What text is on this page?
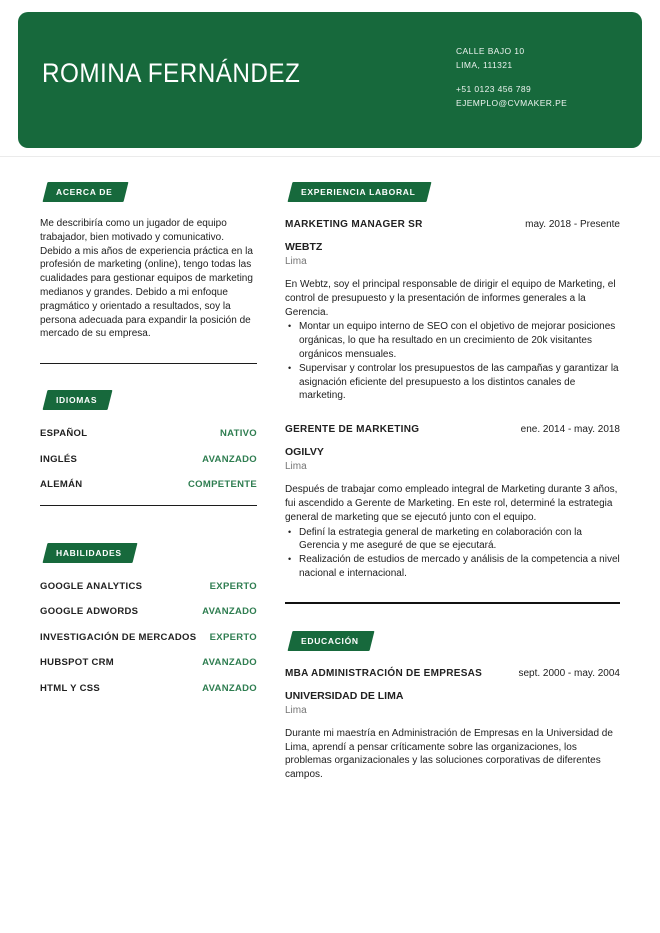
ROMINA FERNÁNDEZ
CALLE BAJO 10
LIMA, 111321
+51 0123 456 789
EJEMPLO@CVMAKER.PE
ACERCA DE

Me describiría como un jugador de equipo trabajador, bien motivado y comunicativo. Debido a mis años de experiencia práctica en la profesión de marketing (online), tengo todas las cualidades para gestionar equipos de marketing medianos y grandes. Debido a mi enfoque pragmático y orientado a resultados, soy la persona adecuada para expandir la posición de mercado de su empresa.

IDIOMAS
ESPAÑOL	NATIVO
INGLÉS	AVANZADO
ALEMÁN	COMPETENTE
HABILIDADES
GOOGLE ANALYTICS	EXPERTO
GOOGLE ADWORDS	AVANZADO
INVESTIGACIÓN DE MERCADOS EXPERTO
HUBSPOT CRM	AVANZADO
HTML Y CSS	AVANZADO
EXPERIENCIA LABORAL
MARKETING MANAGER SR	may. 2018 - Presente
WEBTZ
Lima

En Webtz, soy el principal responsable de dirigir el equipo de Marketing, el control de presupuesto y la presentación de informes generales a la Gerencia.

• Montar un equipo interno de SEO con el objetivo de mejorar posiciones orgánicas, lo que ha resultado en un crecimiento de 20k visitantes orgánicos mensuales.
• Supervisar y controlar los presupuestos de las campañas y garantizar la asignación eficiente del presupuesto a los distintos canales de marketing.
GERENTE DE MARKETING	ene. 2014 - may. 2018
OGILVY
Lima

Después de trabajar como empleado integral de Marketing durante 3 años, fui ascendido a Gerente de Marketing. En este rol, determiné la estrategia general de marketing que se ejecutó junto con el equipo.

• Definí la estrategia general de marketing en colaboración con la Gerencia y me aseguré de que se ejecutará.
• Realización de estudios de mercado y análisis de la competencia a nivel nacional e internacional.
EDUCACIÓN
MBA ADMINISTRACIÓN DE EMPRESAS	sept. 2000 - may. 2004
UNIVERSIDAD DE LIMA
Lima

Durante mi maestría en Administración de Empresas en la Universidad de Lima, aprendí a pensar críticamente sobre las organizaciones, los problemas organizacionales y las soluciones corporativas de diferentes campos.
